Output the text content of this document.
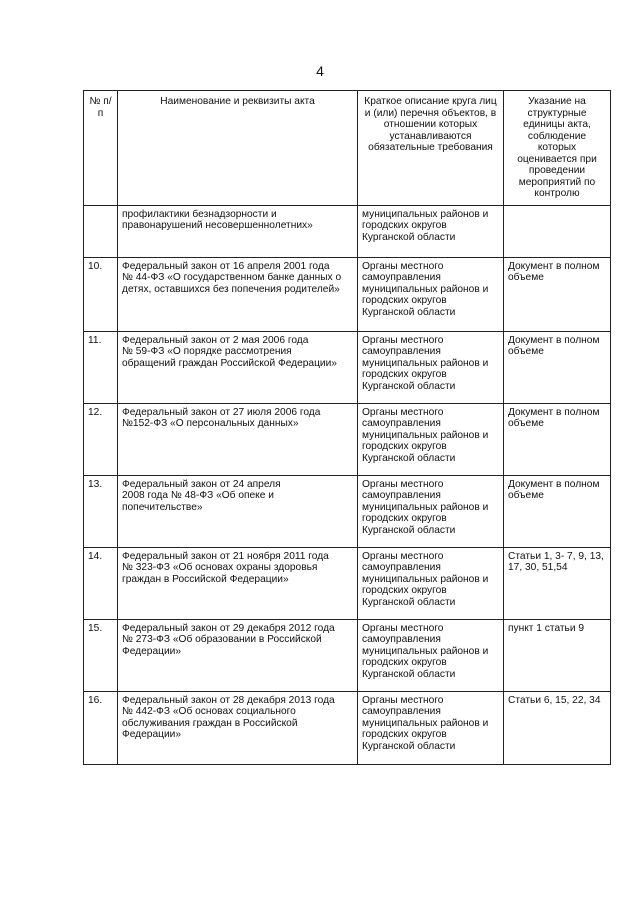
4
№ п/п	Наименование и реквизиты акта	Краткое описание круга лиц и (или) перечня объектов, в отношении которых устанавливаются обязательные требования	Указание на структурные единицы акта, соблюдение которых оценивается при проведении мероприятий по контролю

	профилактики безнадзорности и
правонарушений несовершеннолетних»	муниципальных районов и
городских округов
Курганской области	

10.	Федеральный закон от 16 апреля 2001 года
№ 44-ФЗ «О государственном банке данных о
детях, оставшихся без попечения родителей»	Органы местного
самоуправления
муниципальных районов и
городских округов
Курганской области	Документ в полном
объеме

11.	Федеральный закон от 2 мая 2006 года
№ 59-ФЗ «О порядке рассмотрения
обращений граждан Российской Федерации»	Органы местного
самоуправления
муниципальных районов и
городских округов
Курганской области	Документ в полном
объеме

12.	Федеральный закон от 27 июля 2006 года
№152-ФЗ «О персональных данных»	Органы местного
самоуправления
муниципальных районов и
городских округов
Курганской области	Документ в полном
объеме

13.	Федеральный закон от 24 апреля
2008 года № 48-ФЗ «Об опеке и
попечительстве»	Органы местного
самоуправления
муниципальных районов и
городских округов
Курганской области	Документ в полном
объеме

14.	Федеральный закон от 21 ноября 2011 года
№ 323-ФЗ «Об основах охраны здоровья
граждан в Российской Федерации»	Органы местного
самоуправления
муниципальных районов и
городских округов
Курганской области	Статьи 1, 3- 7, 9, 13,
17, 30, 51,54

15.	Федеральный закон от 29 декабря 2012 года
№ 273-ФЗ «Об образовании в Российской
Федерации»	Органы местного
самоуправления
муниципальных районов и
городских округов
Курганской области	пункт 1 статьи 9

16.	Федеральный закон от 28 декабря 2013 года
№ 442-ФЗ «Об основах социального
обслуживания граждан в Российской
Федерации»	Органы местного
самоуправления
муниципальных районов и
городских округов
Курганской области	Статьи 6, 15, 22, 34
